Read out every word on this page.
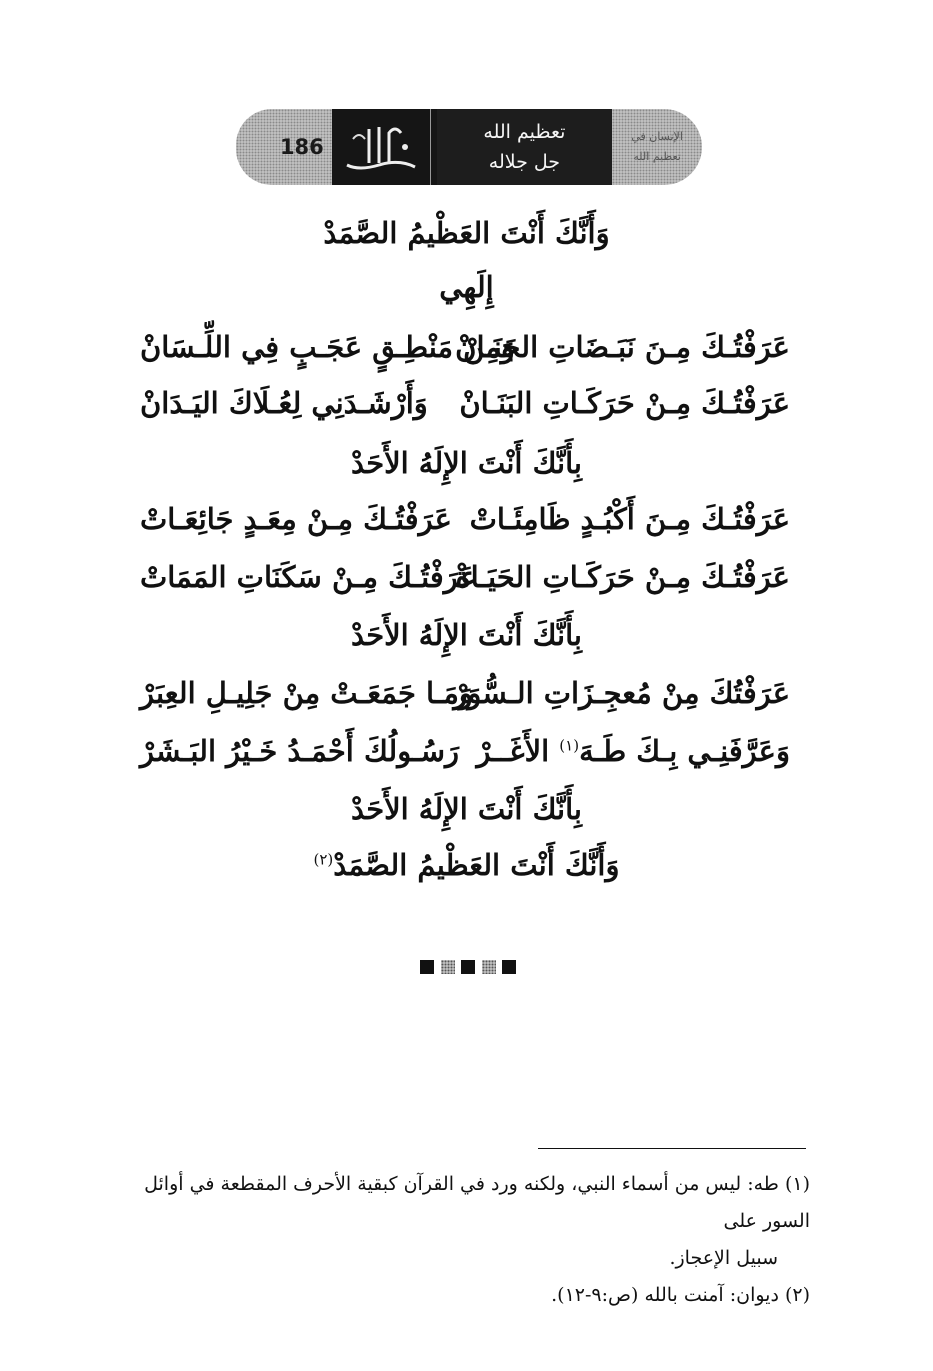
186
تعظيم الله
جل جلاله
الإنسان في
تعظيم الله
وَأَنَّكَ أَنْتَ العَظْيمُ الصَّمَدْ
إِلَهِي
عَرَفْتُـكَ مِـنَ نَبَـضَاتِ الجَنَـانْ
وَمِنْ مَنْطِـقٍ عَجَـبٍ فِي اللِّـسَانْ
عَرَفْتُـكَ مِـنْ حَرَكَـاتِ البَنَـانْ
وَأَرْشَـدَنِي لِعُـلَاكَ اليَـدَانْ
بِأَنَّكَ أَنْتَ الإِلَهُ الأَحَدْ
عَرَفْتُـكَ مِـنَ أَكْبُـدٍ ظَامِئَـاتْ
عَرَفْتُـكَ مِـنْ مِعَـدٍ جَائِعَـاتْ
عَرَفْتُـكَ مِـنْ حَرَكَـاتِ الحَيَـاةْ
عَرَفْتُـكَ مِـنْ سَكَنَاتِ المَمَاتْ
بِأَنَّكَ أَنْتَ الإِلَهُ الأَحَدْ
عَرَفْتُكَ مِنْ مُعجِـزَاتِ الـسُّوَرْ
وَمَـا جَمَعَـتْ مِنْ جَلِيـلِ العِبَرْ
وَعَرَّفَنِـي بِـكَ طَـهَ$^{(١)}$ الأَغَــرْ
رَسُـولُكَ أَحْمَـدُ خَـيْرُ البَـشَرْ
بِأَنَّكَ أَنْتَ الإِلَهُ الأَحَدْ
وَأَنَّكَ أَنْتَ العَظْيمُ الصَّمَدْ$^{(٢)}$

(١)طه: ليس من أسماء النبي، ولكنه ورد في القرآن كبقية الأحرف المقطعة في أوائل السور على

سبيل الإعجاز.

(٢)ديوان: آمنت بالله (ص:٩-١٢).
